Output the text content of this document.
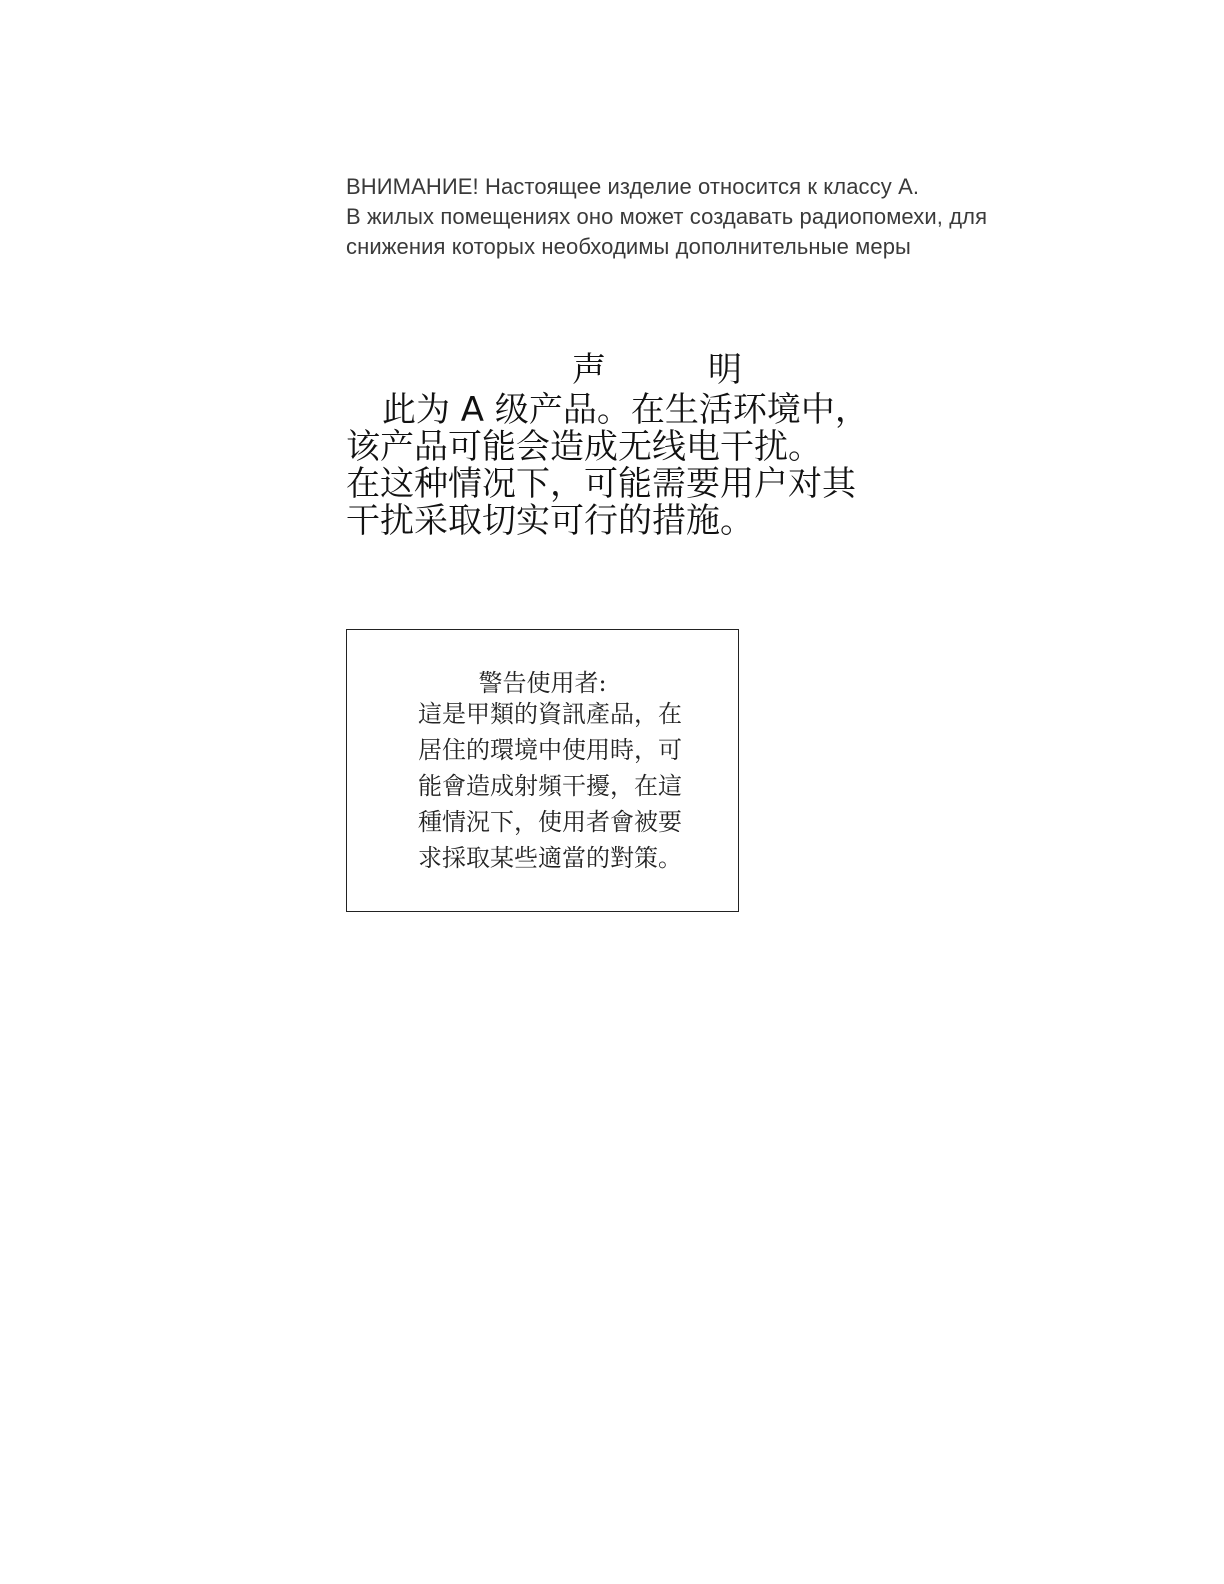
ВНИМАНИЕ! Настоящее изделие относится к классу А.
В жилых помещениях оно может создавать радиопомехи, для
снижения которых необходимы дополнительные меры
声	明
此为 A 级产品。在生活环境中，
该产品可能会造成无线电干扰。
在这种情况下，可能需要用户对其
干扰采取切实可行的措施。
警告使用者:
這是甲類的資訊產品，在
居住的環境中使用時，可
能會造成射頻干擾，在這
種情況下，使用者會被要
求採取某些適當的對策。
